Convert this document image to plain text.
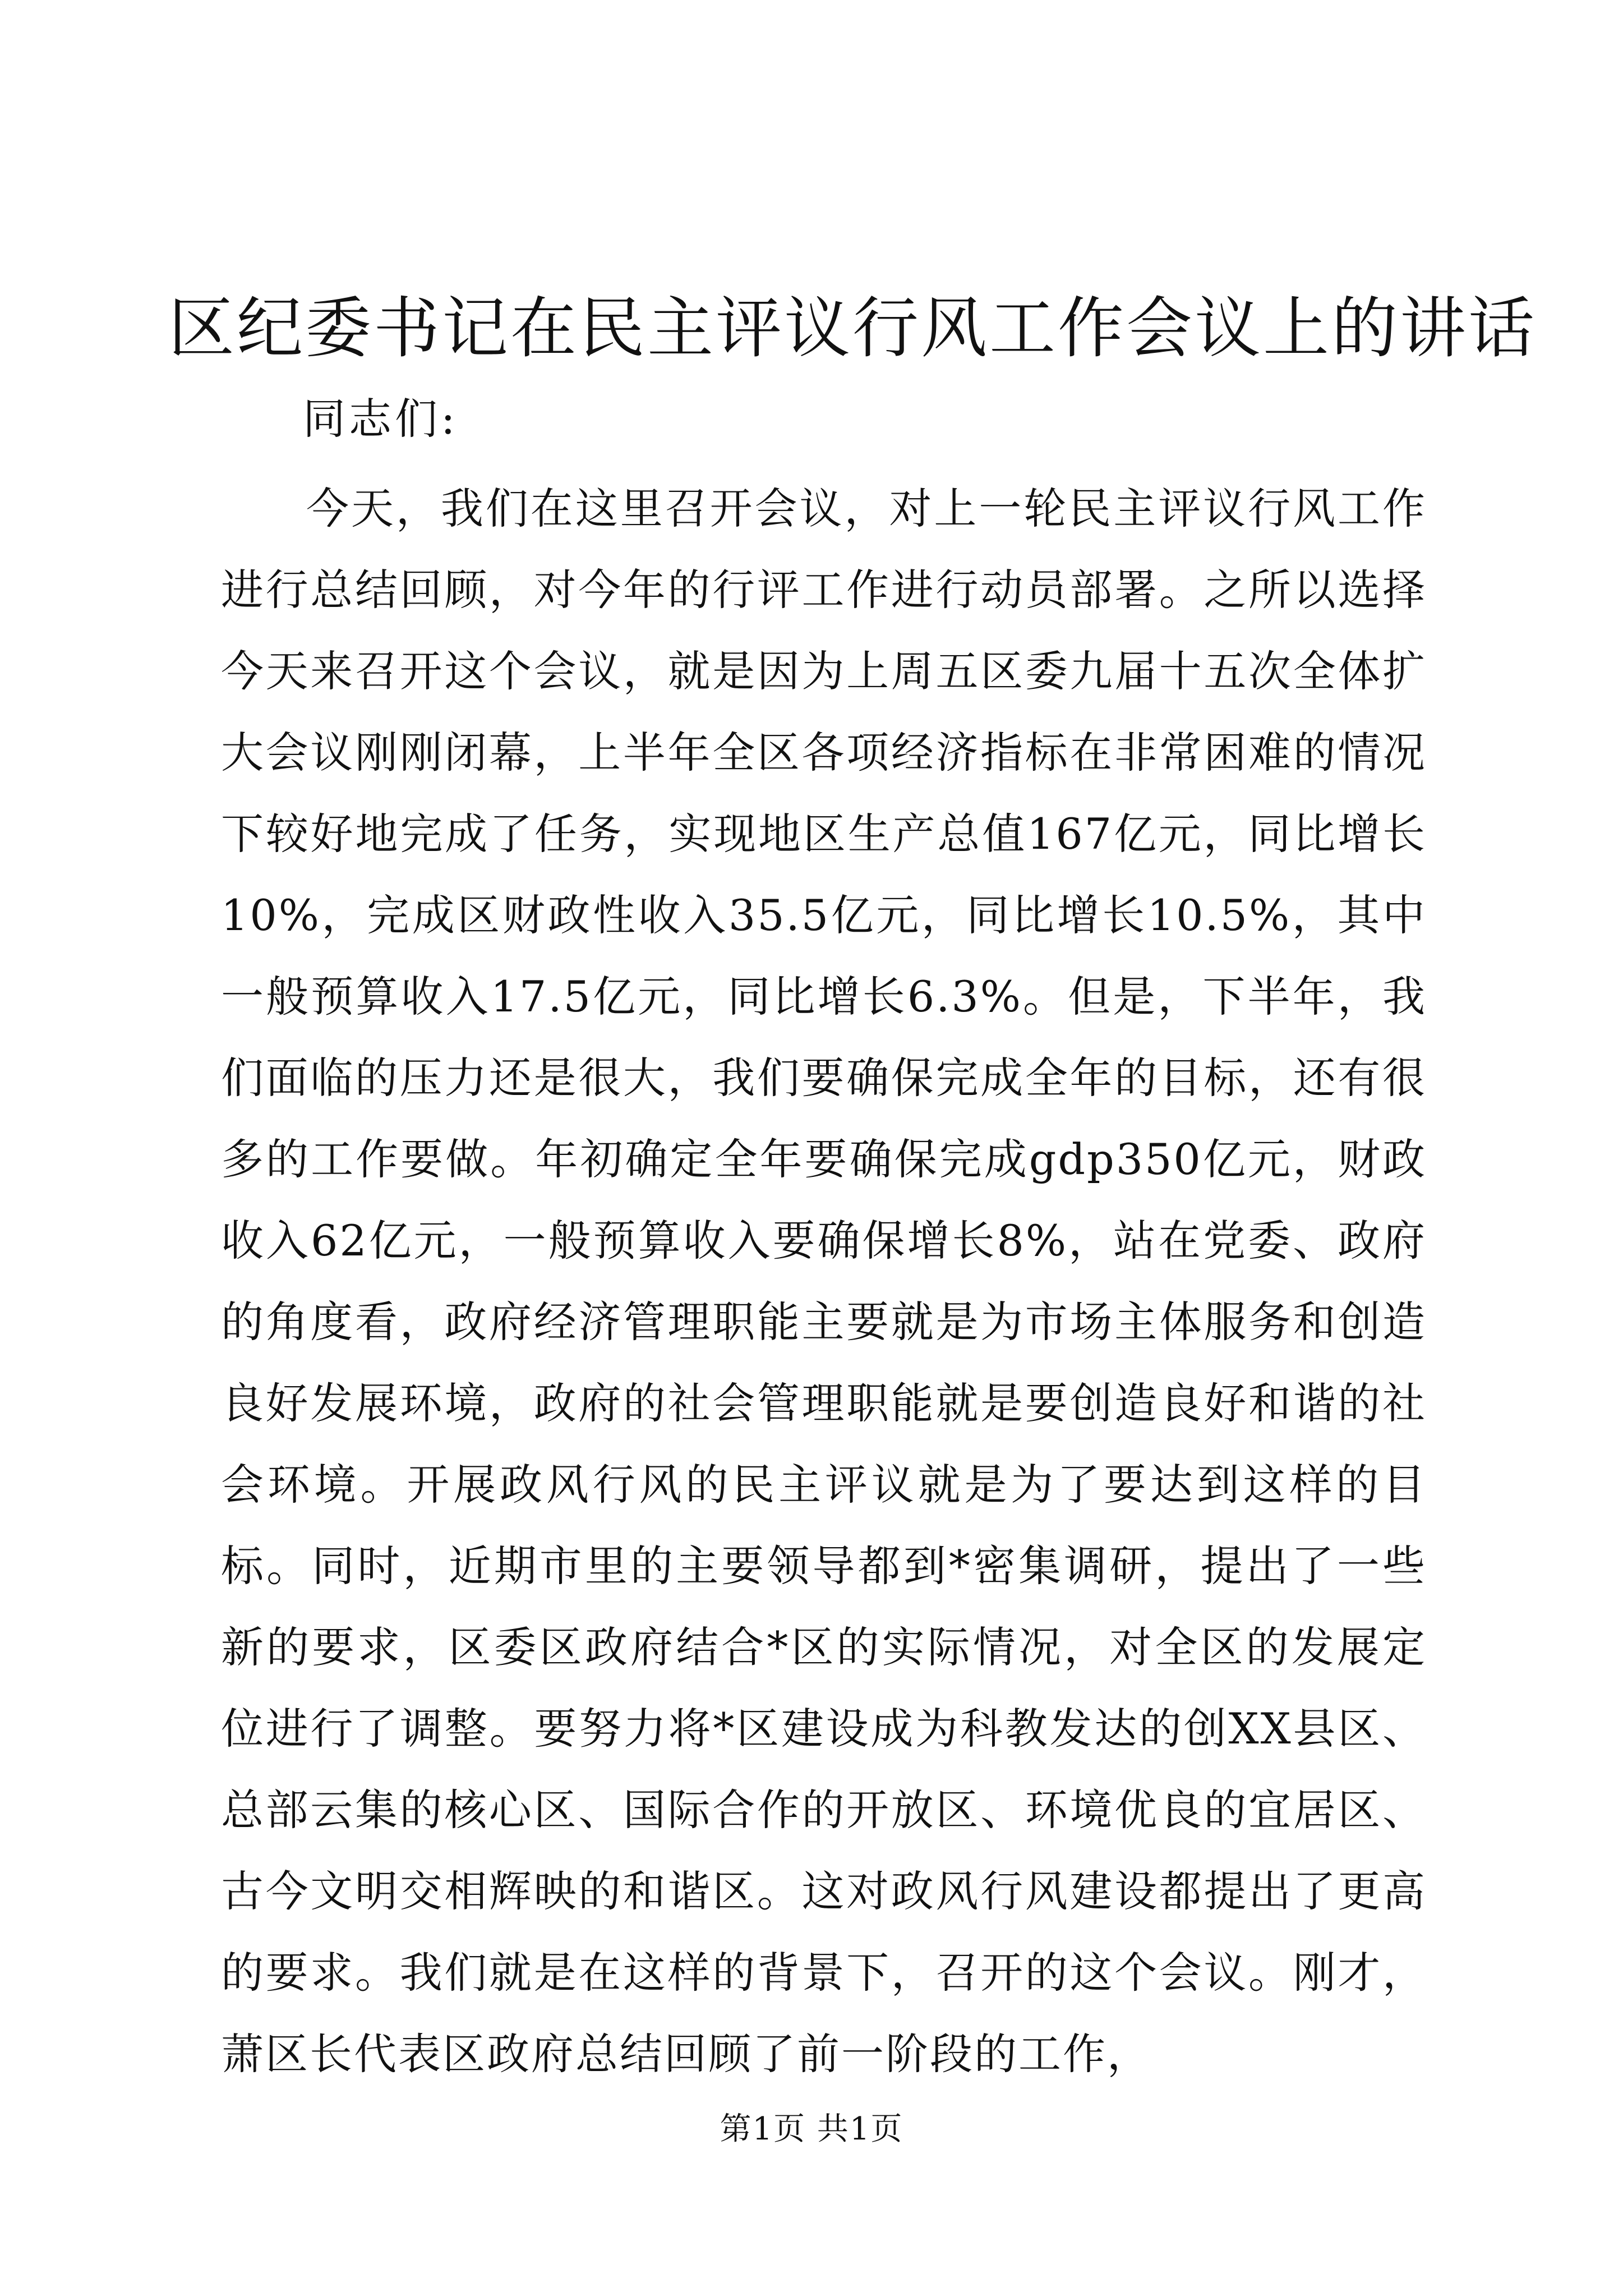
区纪委书记在民主评议行风工作会议上的讲话

同志们:

今天，我们在这里召开会议，对上一轮民主评议行风工作进行总结回顾，对今年的行评工作进行动员部署。之所以选择今天来召开这个会议，就是因为上周五区委九届十五次全体扩大会议刚刚闭幕，上半年全区各项经济指标在非常困难的情况下较好地完成了任务，实现地区生产总值167亿元，同比增长10%，完成区财政性收入35.5亿元，同比增长10.5%，其中一般预算收入17.5亿元，同比增长6.3%。但是，下半年，我们面临的压力还是很大，我们要确保完成全年的目标，还有很多的工作要做。年初确定全年要确保完成gdp350亿元，财政收入62亿元，一般预算收入要确保增长8%，站在党委、政府的角度看，政府经济管理职能主要就是为市场主体服务和创造良好发展环境，政府的社会管理职能就是要创造良好和谐的社会环境。开展政风行风的民主评议就是为了要达到这样的目标。同时，近期市里的主要领导都到*密集调研，提出了一些新的要求，区委区政府结合*区的实际情况，对全区的发展定位进行了调整。要努力将*区建设成为科教发达的创XX县区、总部云集的核心区、国际合作的开放区、环境优良的宜居区、古今文明交相辉映的和谐区。这对政风行风建设都提出了更高的要求。我们就是在这样的背景下，召开的这个会议。刚才，萧区长代表区政府总结回顾了前一阶段的工作，

第1页 共1页
